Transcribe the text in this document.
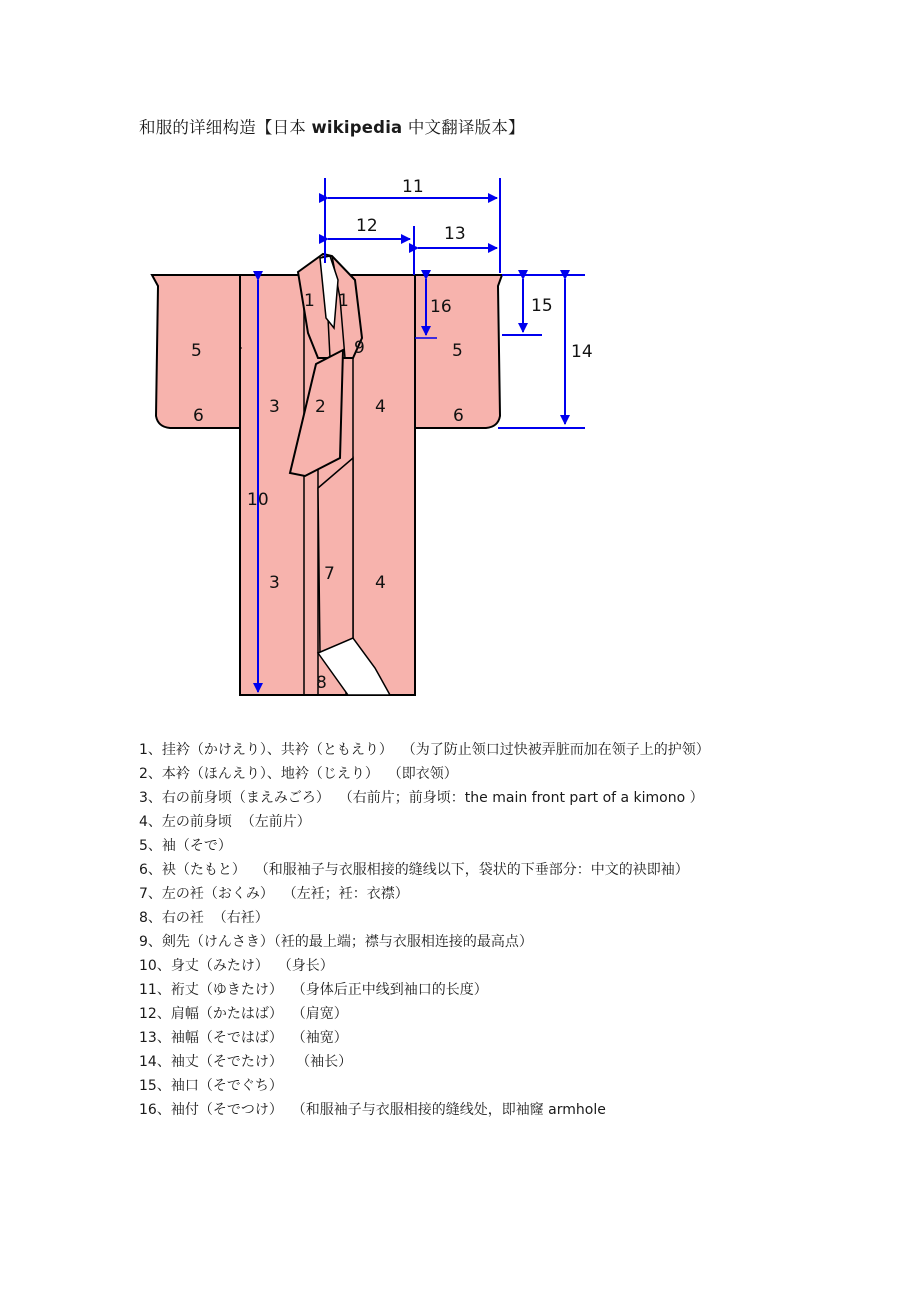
和服的详细构造【日本 wikipedia 中文翻译版本】
1 1
2
3
3
4
4
5	5
6	6
7
8
9
10
11
12	13
16	15
14
1、挂衿（かけえり）、共衿（ともえり）  （为了防止领口过快被弄脏而加在领子上的护领）
2、本衿（ほんえり）、地衿（じえり）  （即衣领）
3、右の前身顷（まえみごろ）  （右前片；前身顷：the main front part of a kimono ）
4、左の前身顷  （左前片）
5、袖（そで）
6、袂（たもと）  （和服袖子与衣服相接的缝线以下，袋状的下垂部分：中文的袂即袖）
7、左の衽（おくみ）  （左衽；衽：衣襟）
8、右の衽  （右衽）
9、剣先（けんさき）（衽的最上端；襟与衣服相连接的最高点）
10、身丈（みたけ）  （身长）
11、裄丈（ゆきたけ）  （身体后正中线到袖口的长度）
12、肩幅（かたはば）  （肩宽）
13、袖幅（そではば）  （袖宽）
14、袖丈（そでたけ）   （袖长）
15、袖口（そでぐち）
16、袖付（そでつけ）  （和服袖子与衣服相接的缝线处，即袖窿 armhole
